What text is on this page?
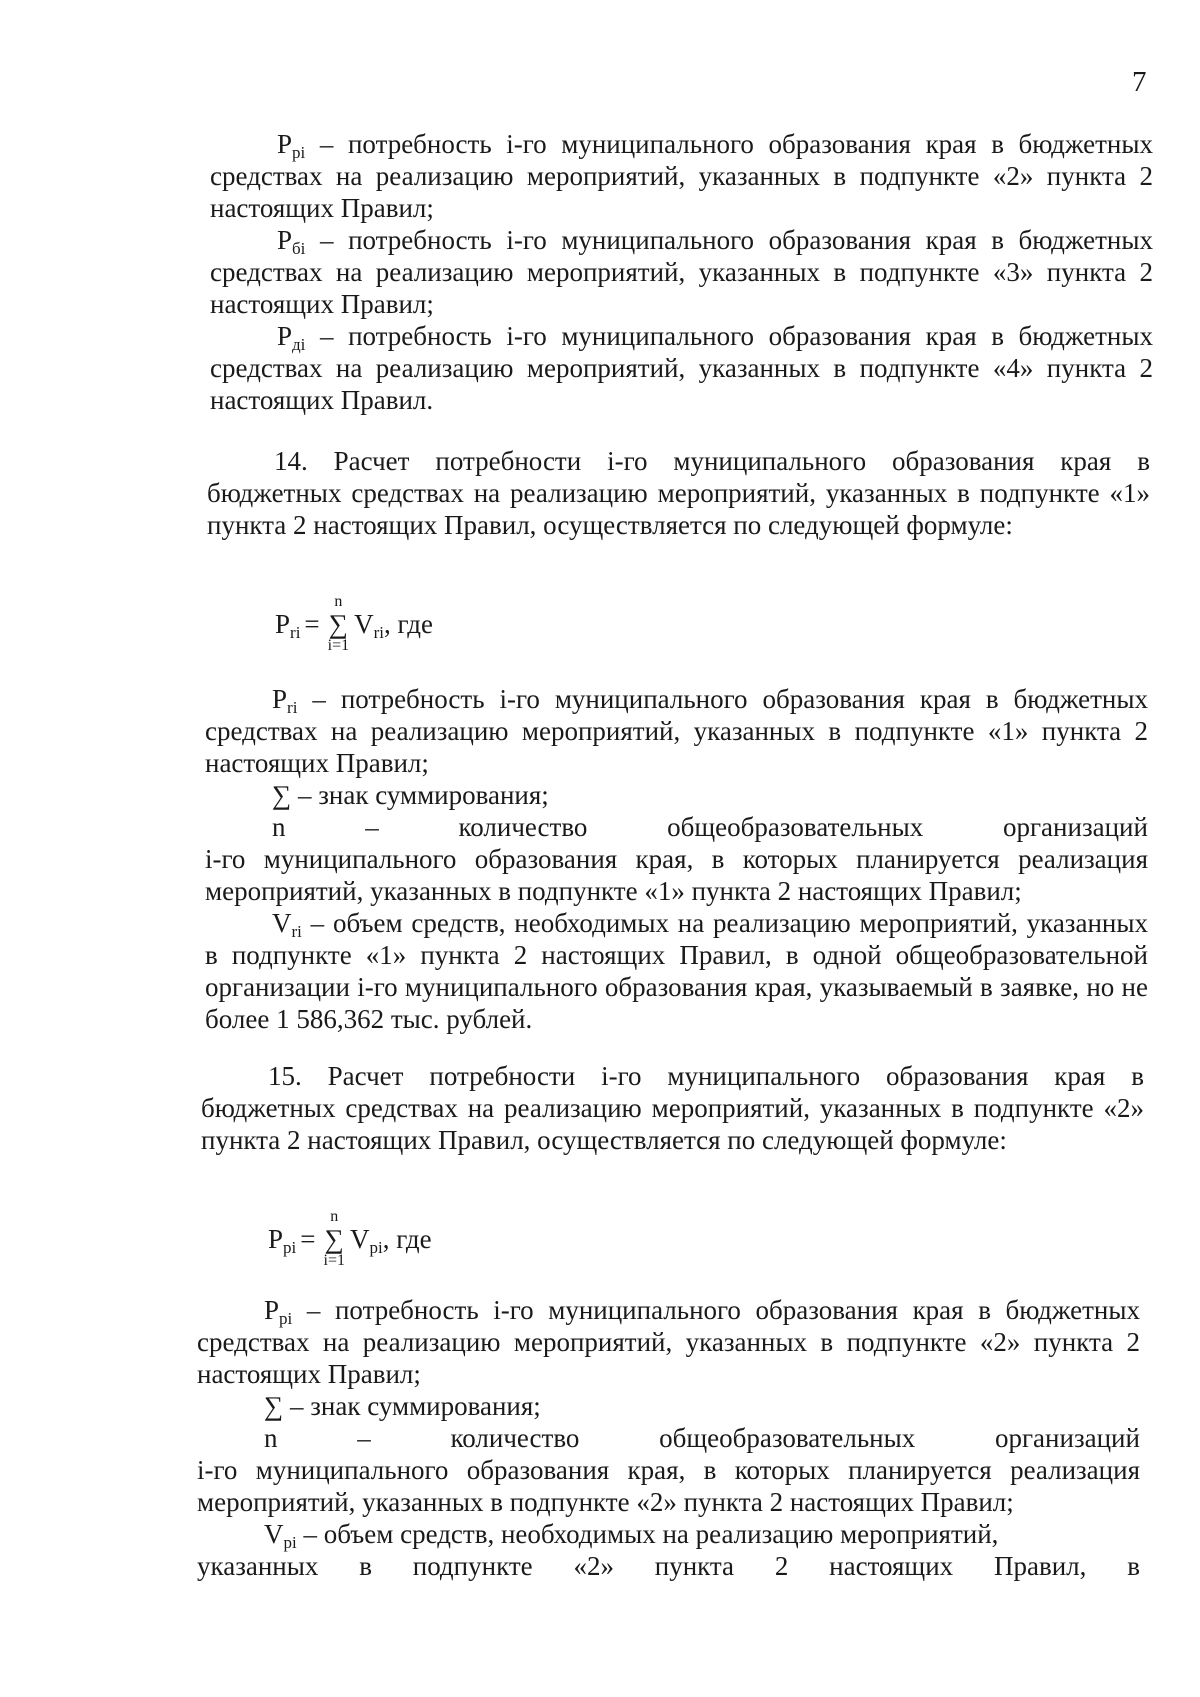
7

$P_{pi}$ – потребность i-го муниципального образования края в бюджетных средствах на реализацию мероприятий, указанных в подпункте «2» пункта 2 настоящих Правил;

$P_{бi}$ – потребность i-го муниципального образования края в бюджетных средствах на реализацию мероприятий, указанных в подпункте «3» пункта 2 настоящих Правил;

$P_{дi}$ – потребность i-го муниципального образования края в бюджетных средствах на реализацию мероприятий, указанных в подпункте «4» пункта 2 настоящих Правил.

14. Расчет потребности i-го муниципального образования края в бюджетных средствах на реализацию мероприятий, указанных в подпункте «1» пункта 2 настоящих Правил, осуществляется по следующей формуле:

$P_{ri}$ =
n
∑
i=1
$V_{ri}$, где

$P_{ri}$ – потребность i-го муниципального образования края в бюджетных средствах на реализацию мероприятий, указанных в подпункте «1» пункта 2 настоящих Правил;

∑ – знак суммирования;

n	–	количество	общеобразовательных	организаций

i-го муниципального образования края, в которых планируется реализация мероприятий, указанных в подпункте «1» пункта 2 настоящих Правил;

$V_{ri}$ – объем средств, необходимых на реализацию мероприятий, указанных в подпункте «1» пункта 2 настоящих Правил, в одной общеобразовательной организации i-го муниципального образования края, указываемый в заявке, но не более 1 586,362 тыс. рублей.

15. Расчет потребности i-го муниципального образования края в бюджетных средствах на реализацию мероприятий, указанных в подпункте «2» пункта 2 настоящих Правил, осуществляется по следующей формуле:

$P_{pi}$ =
n
∑
i=1
$V_{pi}$, где

$P_{pi}$ – потребность i-го муниципального образования края в бюджетных средствах на реализацию мероприятий, указанных в подпункте «2» пункта 2 настоящих Правил;

∑ – знак суммирования;

n	–	количество	общеобразовательных	организаций

i-го муниципального образования края, в которых планируется реализация мероприятий, указанных в подпункте «2» пункта 2 настоящих Правил;

$V_{pi}$ – объем средств, необходимых на реализацию мероприятий,

указанных в подпункте «2» пункта 2 настоящих Правил, в
